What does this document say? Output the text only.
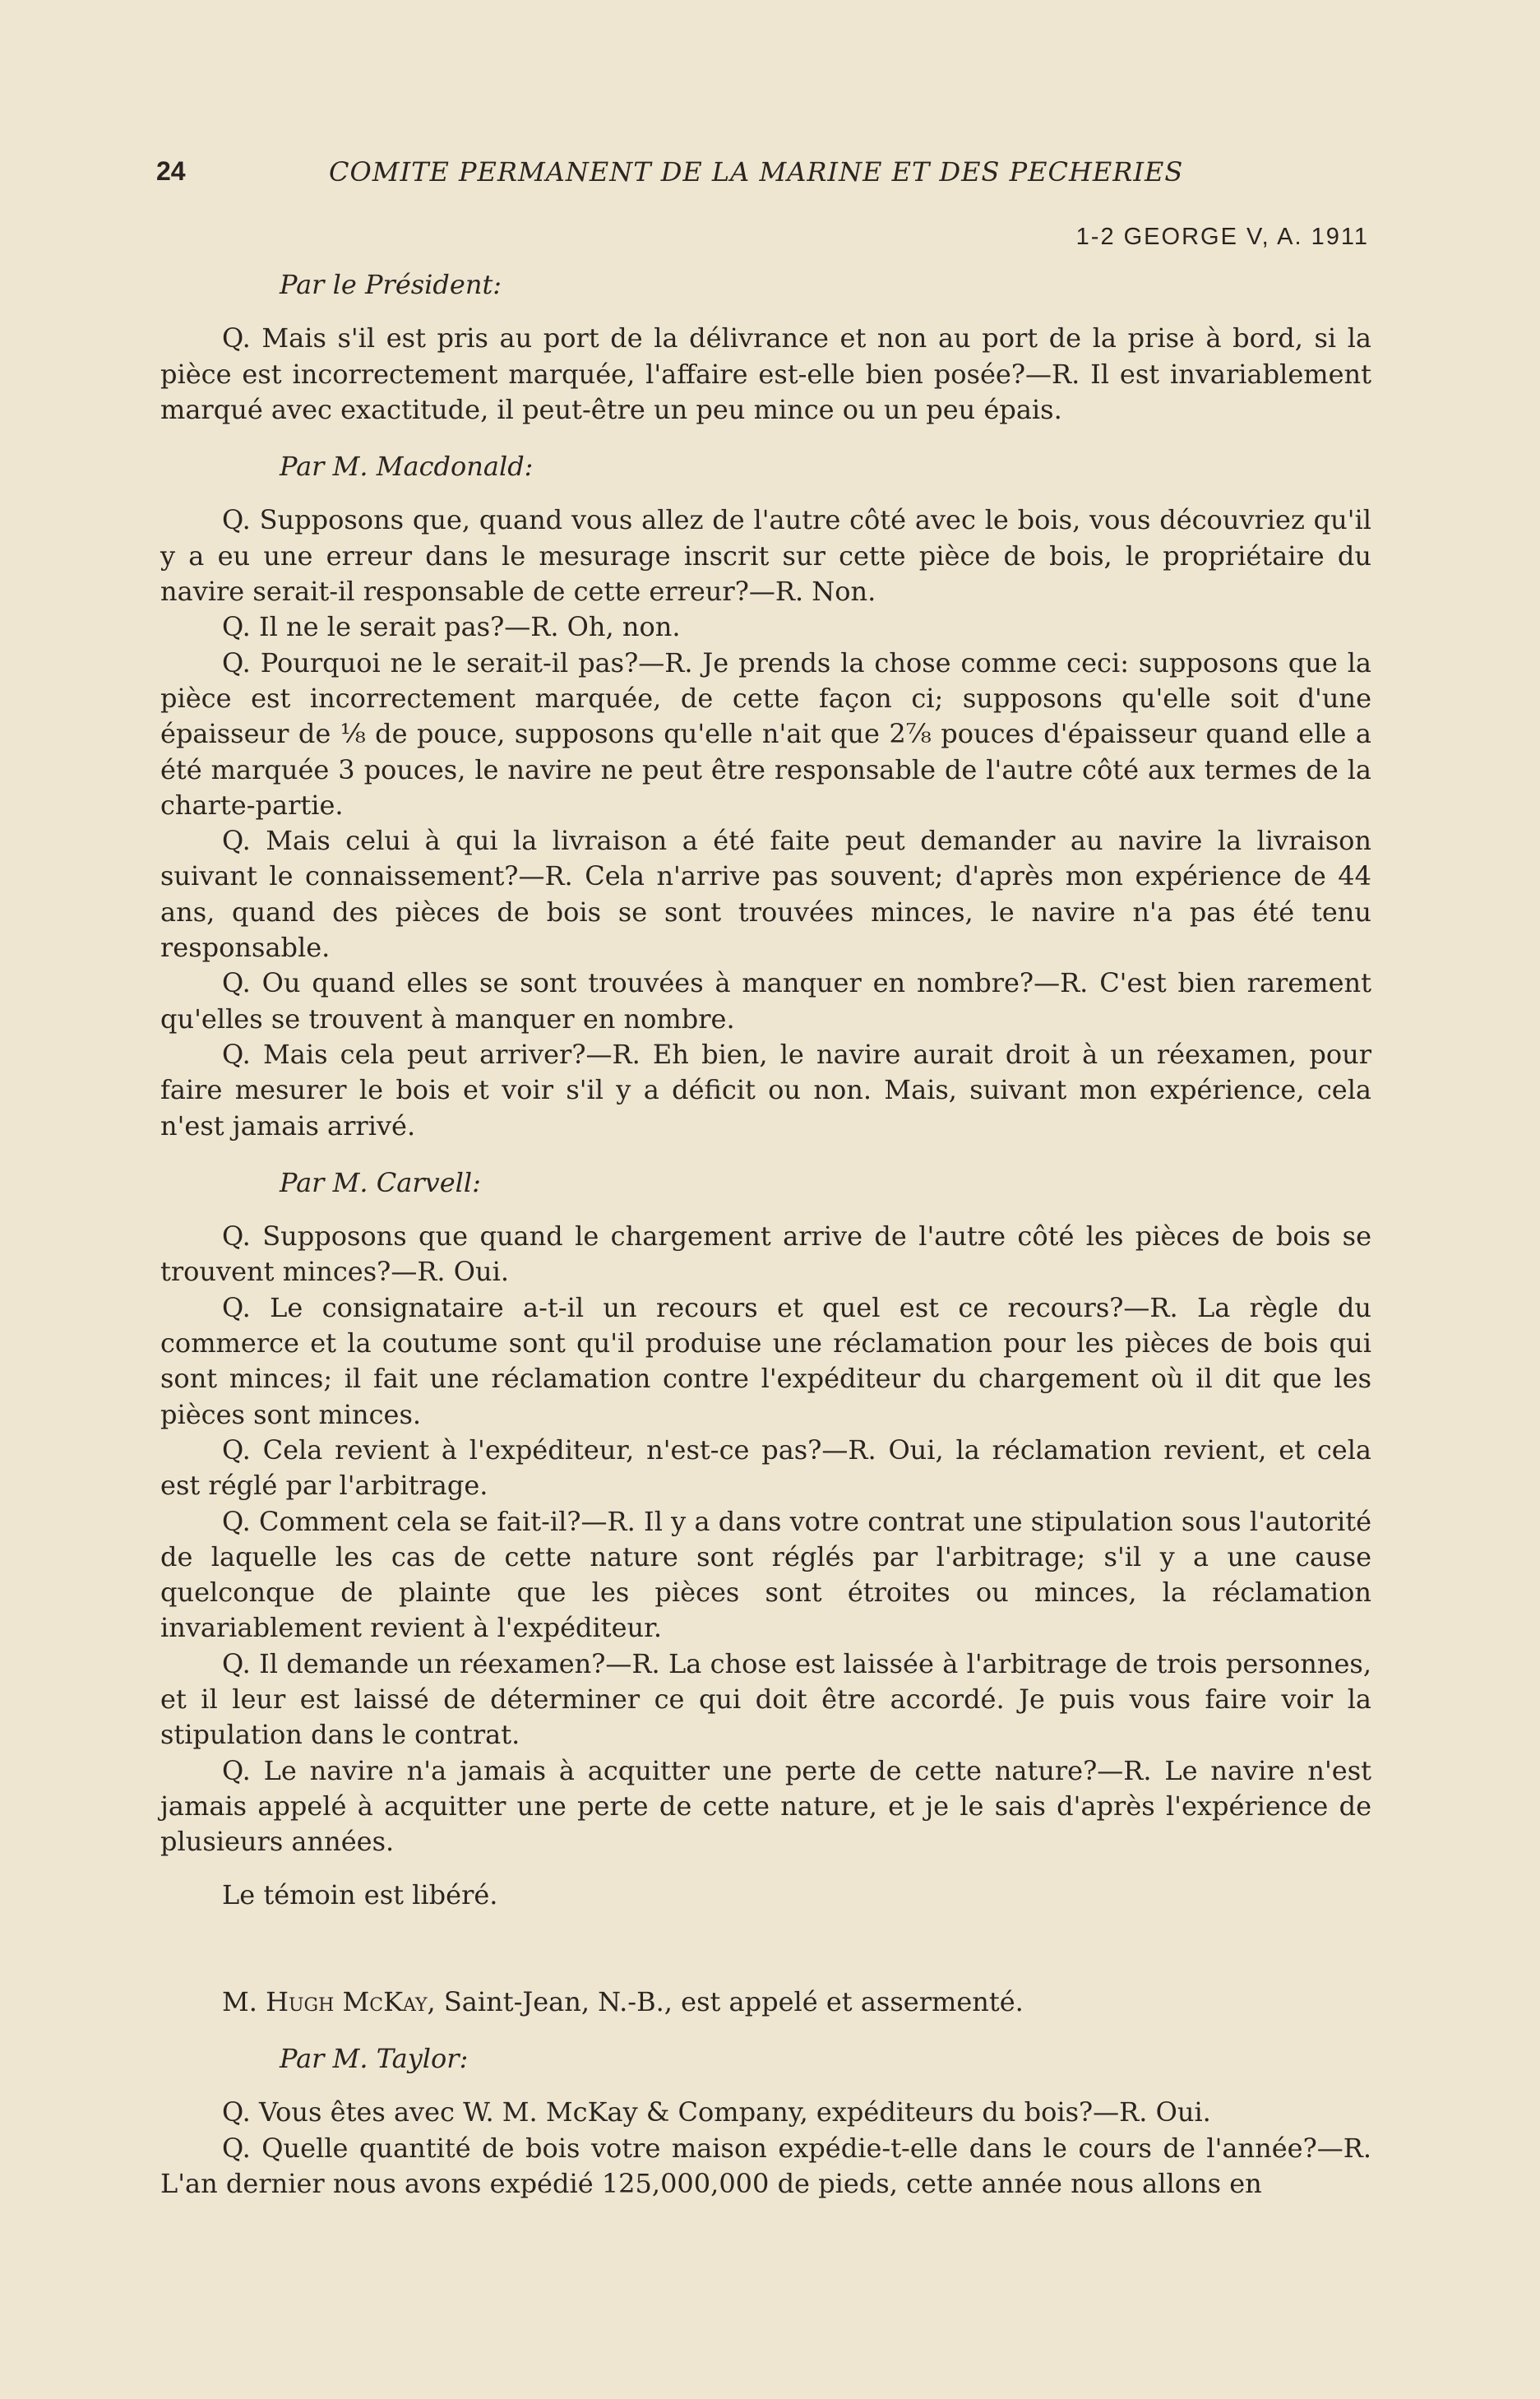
24	COMITE PERMANENT DE LA MARINE ET DES PECHERIES
1-2 GEORGE V, A. 1911

Par le Président:

Q. Mais s'il est pris au port de la délivrance et non au port de la prise à bord, si la pièce est incorrectement marquée, l'affaire est-elle bien posée?—R. Il est invariablement marqué avec exactitude, il peut-être un peu mince ou un peu épais.

Par M. Macdonald:

Q. Supposons que, quand vous allez de l'autre côté avec le bois, vous découvriez qu'il y a eu une erreur dans le mesurage inscrit sur cette pièce de bois, le propriétaire du navire serait-il responsable de cette erreur?—R. Non.

Q. Il ne le serait pas?—R. Oh, non.

Q. Pourquoi ne le serait-il pas?—R. Je prends la chose comme ceci: supposons que la pièce est incorrectement marquée, de cette façon ci; supposons qu'elle soit d'une épaisseur de ⅛ de pouce, supposons qu'elle n'ait que 2⅞ pouces d'épaisseur quand elle a été marquée 3 pouces, le navire ne peut être responsable de l'autre côté aux termes de la charte-partie.

Q. Mais celui à qui la livraison a été faite peut demander au navire la livraison suivant le connaissement?—R. Cela n'arrive pas souvent; d'après mon expérience de 44 ans, quand des pièces de bois se sont trouvées minces, le navire n'a pas été tenu responsable.

Q. Ou quand elles se sont trouvées à manquer en nombre?—R. C'est bien rarement qu'elles se trouvent à manquer en nombre.

Q. Mais cela peut arriver?—R. Eh bien, le navire aurait droit à un réexamen, pour faire mesurer le bois et voir s'il y a déficit ou non. Mais, suivant mon expérience, cela n'est jamais arrivé.

Par M. Carvell:

Q. Supposons que quand le chargement arrive de l'autre côté les pièces de bois se trouvent minces?—R. Oui.

Q. Le consignataire a-t-il un recours et quel est ce recours?—R. La règle du commerce et la coutume sont qu'il produise une réclamation pour les pièces de bois qui sont minces; il fait une réclamation contre l'expéditeur du chargement où il dit que les pièces sont minces.

Q. Cela revient à l'expéditeur, n'est-ce pas?—R. Oui, la réclamation revient, et cela est réglé par l'arbitrage.

Q. Comment cela se fait-il?—R. Il y a dans votre contrat une stipulation sous l'autorité de laquelle les cas de cette nature sont réglés par l'arbitrage; s'il y a une cause quelconque de plainte que les pièces sont étroites ou minces, la réclamation invariablement revient à l'expéditeur.

Q. Il demande un réexamen?—R. La chose est laissée à l'arbitrage de trois personnes, et il leur est laissé de déterminer ce qui doit être accordé. Je puis vous faire voir la stipulation dans le contrat.

Q. Le navire n'a jamais à acquitter une perte de cette nature?—R. Le navire n'est jamais appelé à acquitter une perte de cette nature, et je le sais d'après l'expérience de plusieurs années.

Le témoin est libéré.

M. Hugh McKay, Saint-Jean, N.-B., est appelé et assermenté.

Par M. Taylor:

Q. Vous êtes avec W. M. McKay & Company, expéditeurs du bois?—R. Oui.

Q. Quelle quantité de bois votre maison expédie-t-elle dans le cours de l'année?—R. L'an dernier nous avons expédié 125,000,000 de pieds, cette année nous allons en
